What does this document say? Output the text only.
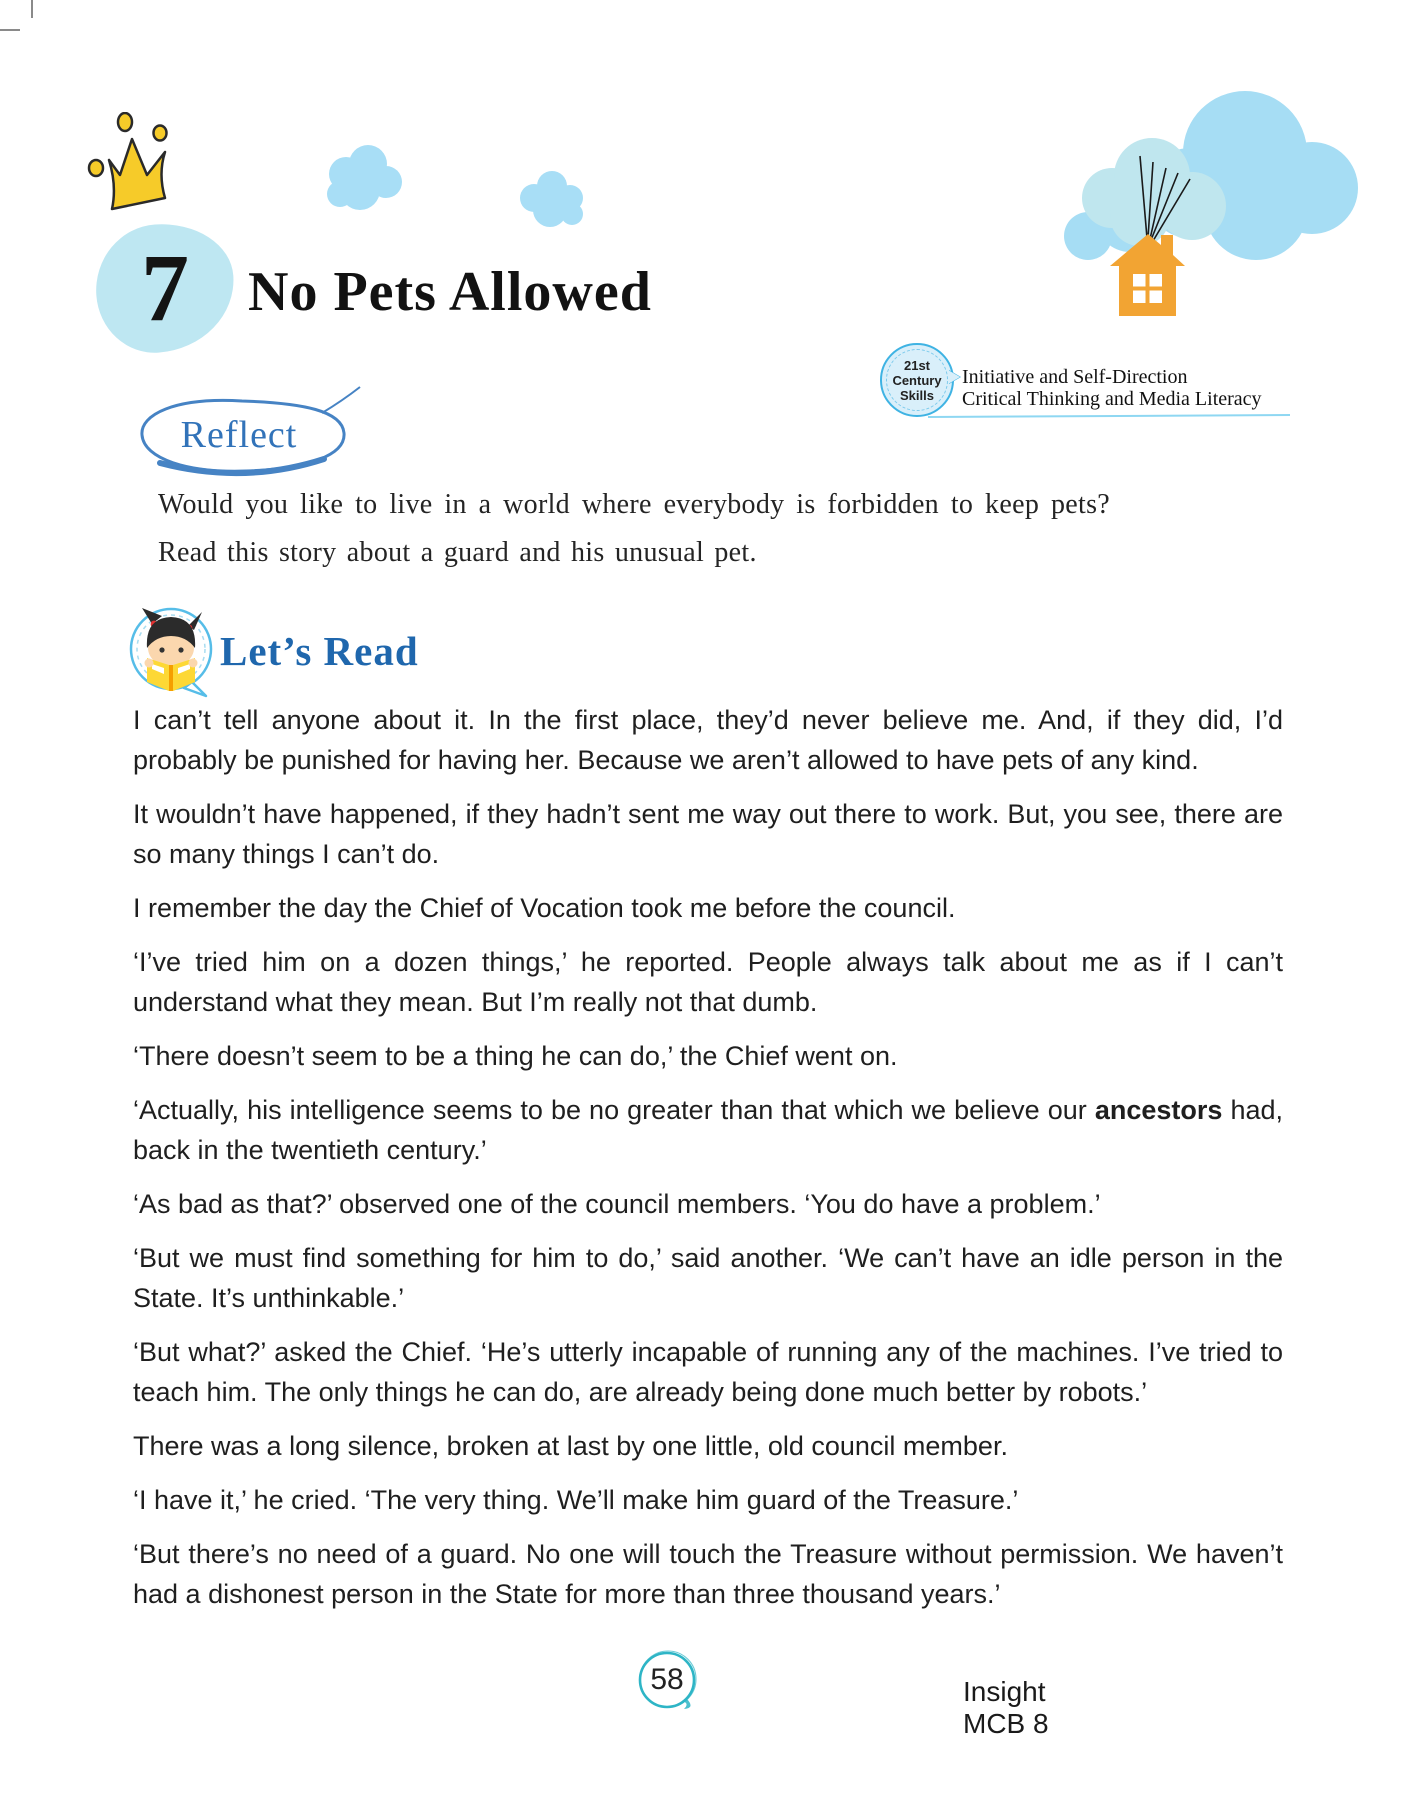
7 No Pets Allowed
21st
Century
Skills
Initiative and Self-Direction
Critical Thinking and Media Literacy
Reflect
Would you like to live in a world where everybody is forbidden to keep pets? Read this story about a guard and his unusual pet.
Let’s Read

I can’t tell anyone about it. In the first place, they’d never believe me. And, if they did, I’d probably be punished for having her. Because we aren’t allowed to have pets of any kind.

It wouldn’t have happened, if they hadn’t sent me way out there to work. But, you see, there are so many things I can’t do.

I remember the day the Chief of Vocation took me before the council.

‘I’ve tried him on a dozen things,’ he reported. People always talk about me as if I can’t understand what they mean. But I’m really not that dumb.

‘There doesn’t seem to be a thing he can do,’ the Chief went on.

‘Actually, his intelligence seems to be no greater than that which we believe our ancestors had, back in the twentieth century.’

‘As bad as that?’ observed one of the council members. ‘You do have a problem.’

‘But we must find something for him to do,’ said another. ‘We can’t have an idle person in the State. It’s unthinkable.’

‘But what?’ asked the Chief. ‘He’s utterly incapable of running any of the machines. I’ve tried to teach him. The only things he can do, are already being done much better by robots.’

There was a long silence, broken at last by one little, old council member.

‘I have it,’ he cried. ‘The very thing. We’ll make him guard of the Treasure.’

‘But there’s no need of a guard. No one will touch the Treasure without permission. We haven’t had a dishonest person in the State for more than three thousand years.’

58	Insight MCB 8
